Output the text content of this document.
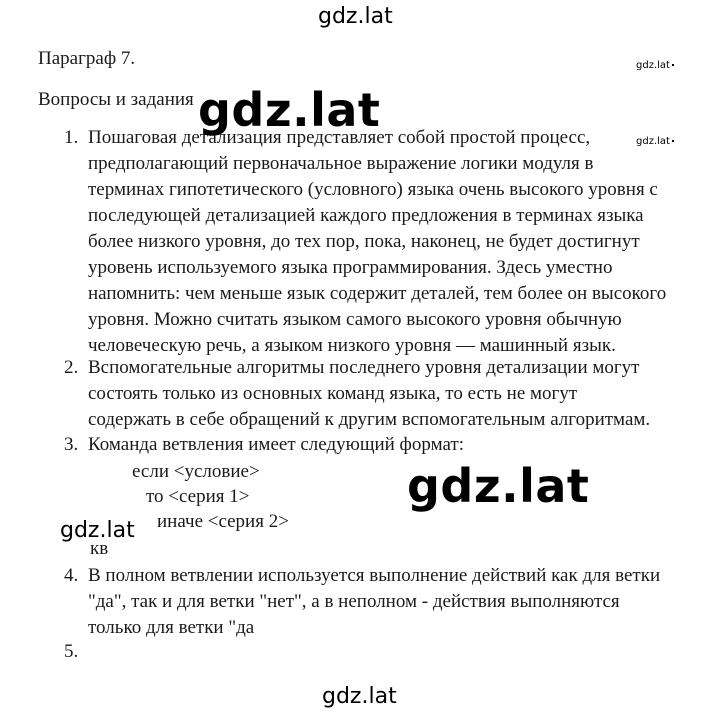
gdz.lat
gdz.lat
gdz.lat
Параграф 7.
Вопросы и задания
1. Пошаговая детализация представляет собой простой процесс,
предполагающий первоначальное выражение логики модуля в
терминах гипотетического (условного) языка очень высокого уровня с
последующей детализацией каждого предложения в терминах языка
более низкого уровня, до тех пор, пока, наконец, не будет достигнут
уровень используемого языка программирования. Здесь уместно
напомнить: чем меньше язык содержит деталей, тем более он высокого
уровня. Можно считать языком самого высокого уровня обычную
человеческую речь, а языком низкого уровня — машинный язык.
2. Вспомогательные алгоритмы последнего уровня детализации могут
состоять только из основных команд языка, то есть не могут
содержать в себе обращений к другим вспомогательным алгоритмам.
3. Команда ветвления имеет следующий формат:
если <условие>
то <серия 1>
иначе <серия 2>
кв
4. В полном ветвлении используется выполнение действий как для ветки
"да", так и для ветки "нет", а в неполном - действия выполняются
только для ветки "да
5.
gdz.lat
gdz.lat
gdz.lat
gdz.lat
